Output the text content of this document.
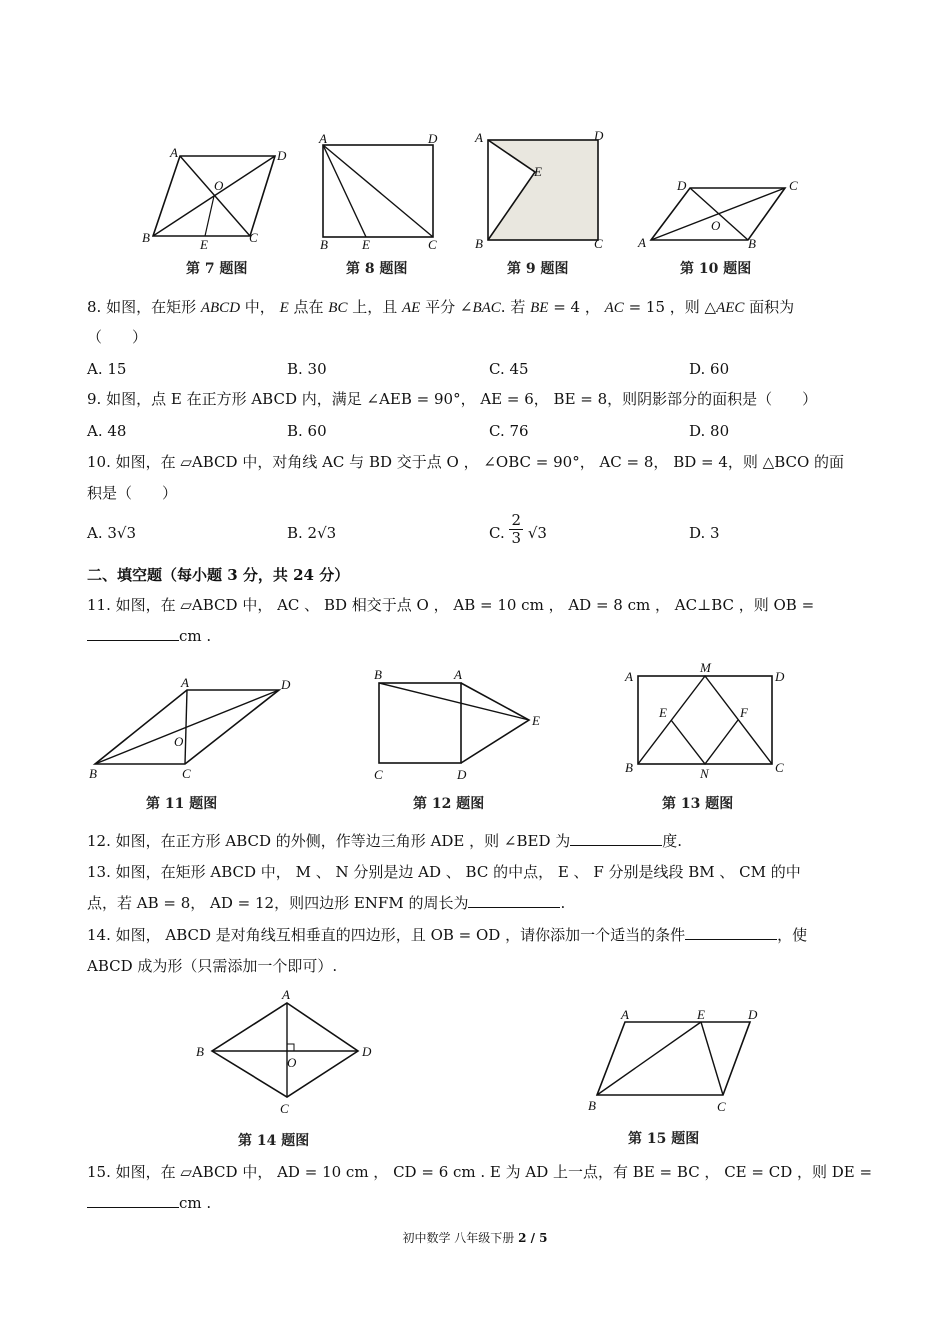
A	D
O
B	E	C
第 7 题图
A	D
B	E	C
第 8 题图
A	D
E
B	C
第 9 题图
D	C
O
A	B
第 10 题图
8. 如图，在矩形 ABCD 中， E 点在 BC 上，且 AE 平分 ∠BAC. 若 BE = 4 ， AC = 15 ，则 △AEC 面积为
（　　）
A. 15	B. 30	C. 45	D. 60
9. 如图，点 E 在正方形 ABCD 内，满足 ∠AEB = 90°， AE = 6， BE = 8，则阴影部分的面积是（　　）
A. 48	B. 60	C. 76	D. 80
10. 如图，在 ▱ABCD 中，对角线 AC 与 BD 交于点 O ， ∠OBC = 90°， AC = 8， BD = 4，则 △BCO 的面
积是（　　）
A. 3√3	B. 2√3	C. $\frac{2}{3} √3$	D. 3
二、填空题（每小题 3 分，共 24 分）
11. 如图，在 ▱ABCD 中， AC 、 BD 相交于点 O ， AB = 10 cm ， AD = 8 cm ， AC⊥BC ，则 OB =
cm .
A	D
O
B	C
第 11 题图
B	A
E
C	D
第 12 题图
A
M
D
E	F
B	N	C
第 13 题图
12. 如图，在正方形 ABCD 的外侧，作等边三角形 ADE ，则 ∠BED 为	度.
13. 如图，在矩形 ABCD 中， M 、 N 分别是边 AD 、 BC 的中点， E 、 F 分别是线段 BM 、 CM 的中
点，若 AB = 8， AD = 12，则四边形 ENFM 的周长为	.
14. 如图， ABCD 是对角线互相垂直的四边形，且 OB = OD ，请你添加一个适当的条件	，使
ABCD 成为形（只需添加一个即可）.
A
B	D
O
C
第 14 题图
A	E	D
B	C
第 15 题图
15. 如图，在 ▱ABCD 中， AD = 10 cm ， CD = 6 cm . E 为 AD 上一点，有 BE = BC ， CE = CD ，则 DE =
cm .
初中数学 八年级下册 2 / 5
